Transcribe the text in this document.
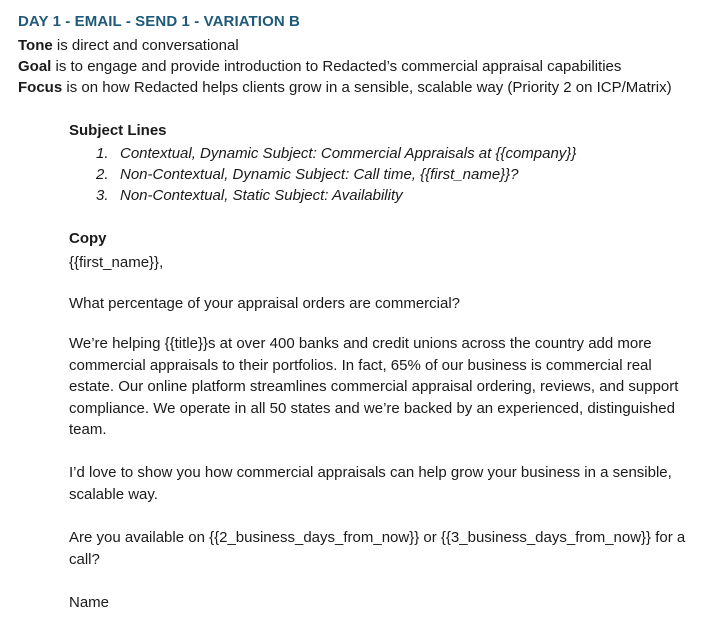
DAY 1 - EMAIL - SEND 1 - VARIATION B
Tone is direct and conversational
Goal is to engage and provide introduction to Redacted’s commercial appraisal capabilities
Focus is on how Redacted helps clients grow in a sensible, scalable way (Priority 2 on ICP/Matrix)
Subject Lines
1. Contextual, Dynamic Subject: Commercial Appraisals at {{company}}
2. Non-Contextual, Dynamic Subject: Call time, {{first_name}}?
3. Non-Contextual, Static Subject: Availability
Copy
{{first_name}},
What percentage of your appraisal orders are commercial?
We’re helping {{title}}s at over 400 banks and credit unions across the country add more commercial appraisals to their portfolios. In fact, 65% of our business is commercial real estate. Our online platform streamlines commercial appraisal ordering, reviews, and support compliance. We operate in all 50 states and we’re backed by an experienced, distinguished team.
I’d love to show you how commercial appraisals can help grow your business in a sensible, scalable way.
Are you available on {{2_business_days_from_now}} or {{3_business_days_from_now}} for a call?
Name
